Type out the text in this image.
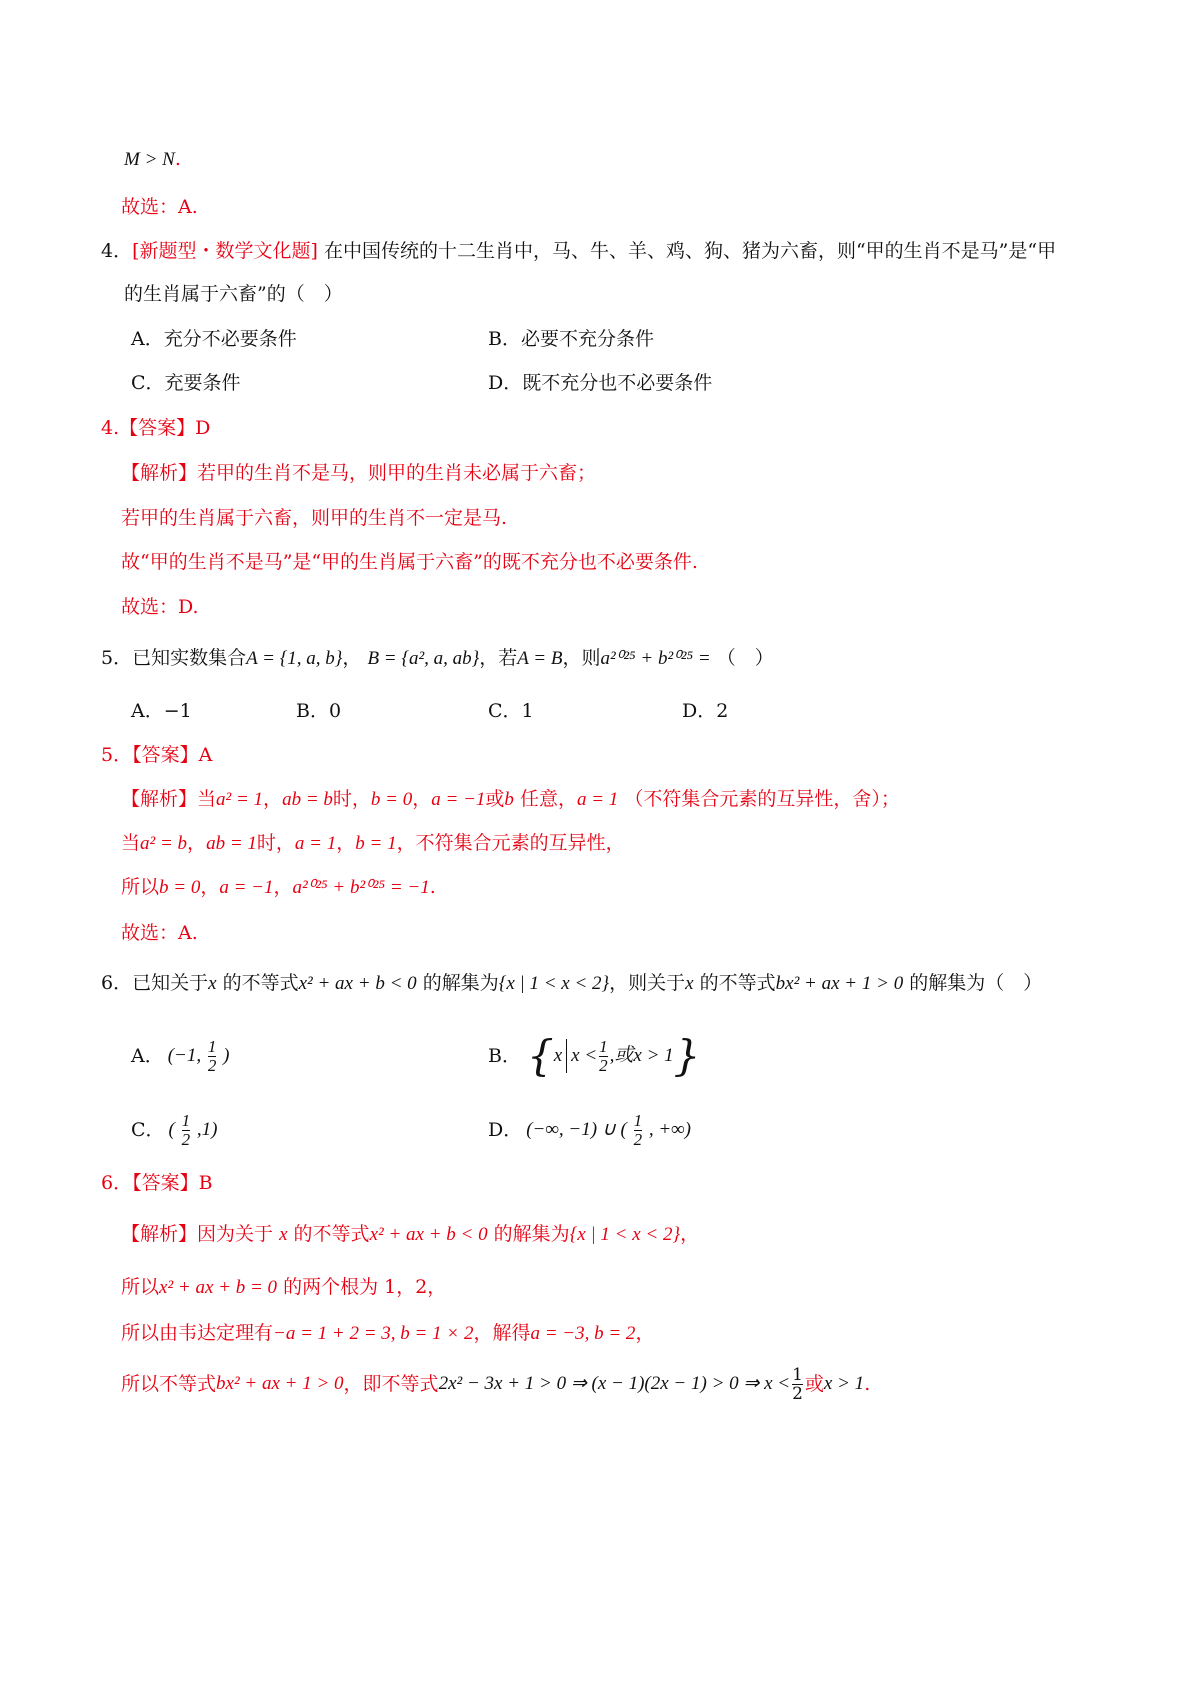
M > N.
故选：A.
4．[新题型・数学文化题] 在中国传统的十二生肖中，马、牛、羊、鸡、狗、猪为六畜，则“甲的生肖不是马”是“甲
的生肖属于六畜”的（　）
A．充分不必要条件	B．必要不充分条件
C．充要条件	D．既不充分也不必要条件
4.【答案】D
【解析】若甲的生肖不是马，则甲的生肖未必属于六畜；
若甲的生肖属于六畜，则甲的生肖不一定是马.
故“甲的生肖不是马”是“甲的生肖属于六畜”的既不充分也不必要条件.
故选：D.
5．已知实数集合A = {1, a, b}， B = {a², a, ab}，若A = B，则a²⁰²⁵ + b²⁰²⁵ = （　）
A．−1	B．0	C．1	D．2
5．【答案】A
【解析】当a² = 1，ab = b时，b = 0，a = −1或b 任意，a = 1 （不符集合元素的互异性，舍）；
当a² = b，ab = 1时，a = 1，b = 1，不符集合元素的互异性，
所以b = 0，a = −1，a²⁰²⁵ + b²⁰²⁵ = −1.
故选：A.
6．已知关于x 的不等式x² + ax + b < 0 的解集为{x | 1 < x < 2}，则关于x 的不等式bx² + ax + 1 > 0 的解集为（　）
A． (−1, $\frac{1}{2}$ )	B． { x $x < \frac{1}{2}$ ,或x > 1 }
C． ( $\frac{1}{2} ,1$)	D． (−∞, −1) ∪ ( $\frac{1}{2}$ , +∞)
6．【答案】B
【解析】因为关于 x 的不等式x² + ax + b < 0 的解集为{x | 1 < x < 2}，
所以x² + ax + b = 0 的两个根为 1，2，
所以由韦达定理有−a = 1 + 2 = 3, b = 1 × 2，解得a = −3, b = 2，
所以不等式 bx² + ax + 1 > 0 ，即不等式 2x² − 3x + 1 > 0 ⇒ (x − 1)(2x − 1) > 0 ⇒ $x < \frac{1}{2}$ 或 x > 1 .
